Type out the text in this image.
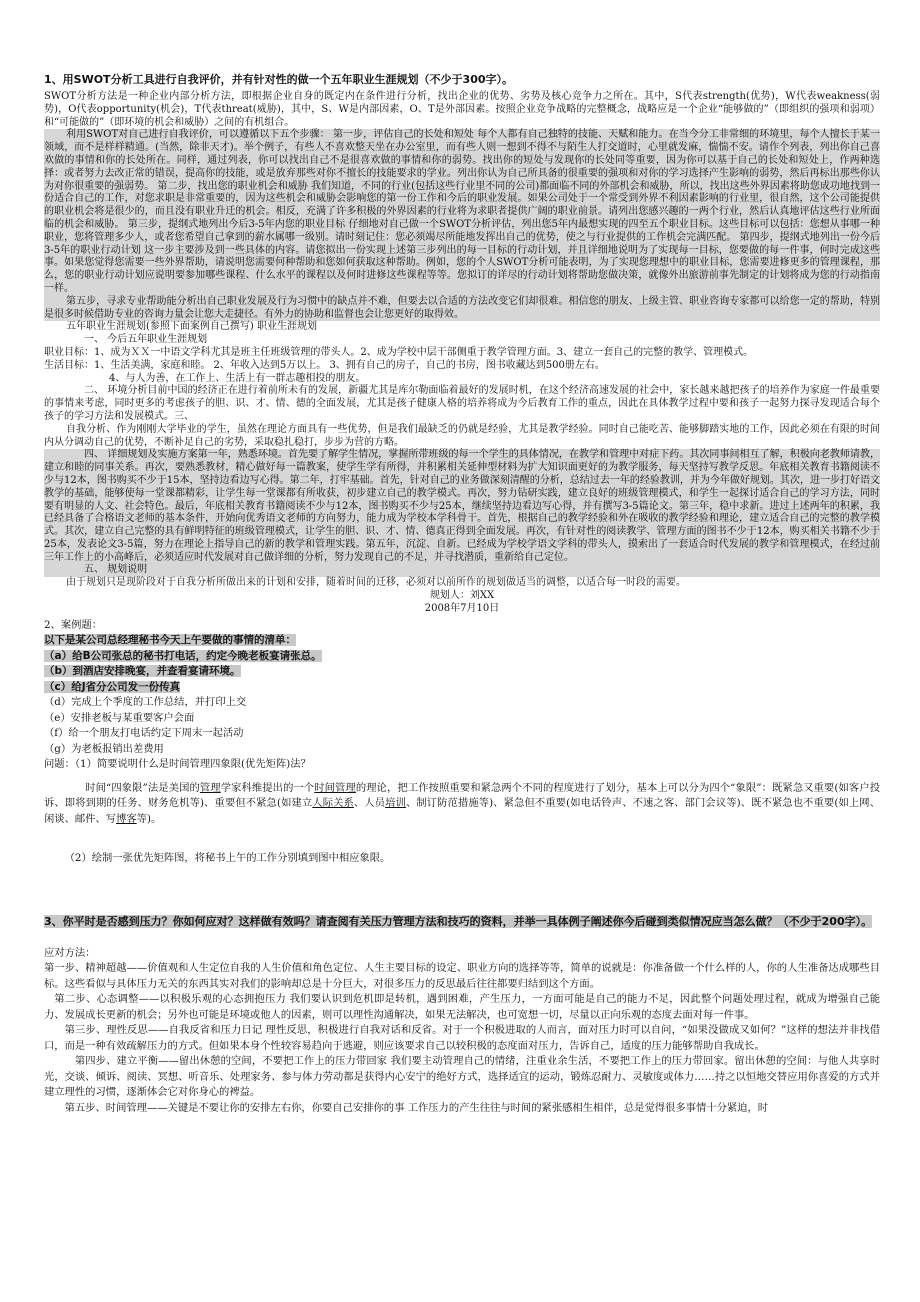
1、用SWOT分析工具进行自我评价，并有针对性的做一个五年职业生涯规划（不少于300字）。

SWOT分析方法是一种企业内部分析方法，即根据企业自身的既定内在条件进行分析，找出企业的优势、劣势及核心竞争力之所在。其中，S代表strength(优势)，W代表weakness(弱势)，O代表opportunity(机会)，T代表threat(威胁)，其中，S、W是内部因素，O、T是外部因素。按照企业竞争战略的完整概念，战略应是一个企业“能够做的”（即组织的强项和弱项）和“可能做的”（即环境的机会和威胁）之间的有机组合。

利用SWOT对自己进行自我评价，可以遵循以下五个步骤： 第一步，评估自己的长处和短处 每个人都有自己独特的技能、天赋和能力。在当今分工非常细的环境里，每个人擅长于某一领域，而不是样样精通。(当然，除非天才)。举个例子，有些人不喜欢整天坐在办公室里，而有些人则一想到不得不与陌生人打交道时，心里就发麻，惴惴不安。请作个列表，列出你自己喜欢做的事情和你的长处所在。同样，通过列表，你可以找出自己不是很喜欢做的事情和你的弱势。找出你的短处与发现你的长处同等重要，因为你可以基于自己的长处和短处上，作两种选择：或者努力去改正常的错误，提高你的技能，或是放弃那些对你不擅长的技能要求的学业。列出你认为自己所具备的很重要的强项和对你的学习选择产生影响的弱势，然后再标出那些你认为对你很重要的强弱势。 第二步，找出您的职业机会和威胁 我们知道，不同的行业(包括这些行业里不同的公司)都面临不同的外部机会和威胁，所以，找出这些外界因素将助您成功地找到一份适合自己的工作，对您求职是非常重要的，因为这些机会和威胁会影响您的第一份工作和今后的职业发展。如果公司处于一个常受到外界不利因素影响的行业里，很自然，这个公司能提供的职业机会将是很少的，而且没有职业升迁的机会。相反，充满了许多积极的外界因素的行业将为求职者提供广阔的职业前景。请列出您感兴趣的一两个行业，然后认真地评估这些行业所面临的机会和威胁。 第三步，提纲式地列出今后3-5年内您的职业目标 仔细地对自己做一个SWOT分析评估，列出您5年内最想实现的四至五个职业目标。这些目标可以包括：您想从事哪一种职业，您将管理多少人，或者您希望自己拿到的薪水属哪一级别。请时刻记住：您必须竭尽所能地发挥出自己的优势，使之与行业提供的工作机会完满匹配。 第四步，提纲式地列出一份今后3-5年的职业行动计划 这一步主要涉及到一些具体的内容。请您拟出一份实现上述第三步列出的每一目标的行动计划，并且详细地说明为了实现每一目标，您要做的每一件事，何时完成这些事。如果您觉得您需要一些外界帮助，请说明您需要何种帮助和您如何获取这种帮助。例如，您的个人SWOT分析可能表明，为了实现您理想中的职业目标，您需要进修更多的管理课程，那么，您的职业行动计划应说明要参加哪些课程、什么水平的课程以及何时进修这些课程等等。您拟订的详尽的行动计划将帮助您做决策，就像外出旅游前事先制定的计划将成为您的行动指南一样。

第五步，寻求专业帮助能分析出自己职业发展及行为习惯中的缺点并不难，但要去以合适的方法改变它们却很难。相信您的朋友、上级主管、职业咨询专家都可以给您一定的帮助，特别是很多时候借助专业的咨询力量会让您大走捷径。有外力的协助和监督也会让您更好的取得效。

五年职业生涯规划(参照下面案例自己撰写) 职业生涯规划

一、 今后五年职业生涯规划

职业目标：1、成为ＸＸ一中语文学科尤其是班主任班级管理的带头人。2、成为学校中层干部侧重于教学管理方面。3、建立一套自己的完整的教学、管理模式。

生活目标：1、生活美满，家庭和睦。 2、年收入达到5万以上。 3、拥有自己的房子，自己的书房，图书收藏达到500册左右。

4、与人为善，在工作上、生活上有一群志趣相投的朋友。

二、 环境分析目前中国的经济正在进行着前所未有的发展，新疆尤其是库尔勒面临着最好的发展时机，在这个经济高速发展的社会中，家长越来越把孩子的培养作为家庭一件最重要的事情来考虑，同时更多的考虑孩子的胆、识、才、情、德的全面发展，尤其是孩子健康人格的培养将成为今后教育工作的重点，因此在具体教学过程中要和孩子一起努力探寻发现适合每个孩子的学习方法和发展模式。三、

自我分析、作为刚刚大学毕业的学生，虽然在理论方面具有一些优势，但是我们最缺乏的仍就是经验，尤其是教学经验。同时自己能吃苦、能够脚踏实地的工作，因此必须在有限的时间内从分调动自己的优势，不断补足自己的劣势，采取稳扎稳打，步步为营的方略。

四、 详细规划及实施方案第一年，熟悉环境。首先要了解学生情况，掌握所带班级的每一个学生的具体情况，在教学和管理中对症下药。其次同事间相互了解，积极向老教师请教，建立和睦的同事关系。再次，要熟悉教材，精心做好每一篇教案，使学生学有所得，并积累相关延伸型材料为扩大知识面更好的为教学服务，每天坚持写教学反思。年底相关教育书籍阅读不少与12本，图书购买不少于15本，坚持边看边写心得。第二年，打牢基础。首先，针对自己的业务做深刻清醒的分析，总结过去一年的经验教训，并为今年做好规划。其次，进一步打好语文教学的基础，能够使每一堂课都精彩，让学生每一堂课都有所收获，初步建立自己的教学模式。再次，努力钻研实践，建立良好的班级管理模式，和学生一起探讨适合自己的学习方法，同时要有明显的人文、社会特色。最后，年底相关教育书籍阅读不少与12本，图书购买不少与25本，继续坚持边看边写心得，并有撰写3-5篇论文。第三年，稳中求新。进过上述两年的积累，我已经具备了合格语文老师的基本条件，开始向优秀语文老师的方向努力，能力成为学校本学科骨干。首先，根据自己的教学经验和外在吸收的教学经验和理论，建立适合自己的完整的教学模式。其次，建立自己完整的具有鲜明特征的班级管理模式，让学生的胆、识、才、情、德真正得到全面发展。再次，有针对性的阅读教学、管理方面的图书不少于12本，购买相关书籍不少于25本，发表论文3-5篇，努力在理论上指导自己的新的教学和管理实践。第五年，沉淀、自新。已经成为学校学语文学科的带头人，摸索出了一套适合时代发展的教学和管理模式，在经过前三年工作上的小高峰后，必须适应时代发展对自己做详细的分析，努力发现自己的不足，并寻找潜质，重新给自己定位。

五、 规划说明

由于规划只是现阶段对于自我分析所做出来的计划和安排，随着时间的迁移，必须对以前所作的规划做适当的调整，以适合每一时段的需要。

规划人：刘XX

2008年7月10日

2、案例题：

以下是某公司总经理秘书今天上午要做的事情的清单：

（a）给B公司张总的秘书打电话，约定今晚老板宴请张总。

（b）到酒店安排晚宴，并查看宴请环境。

（c）给J省分公司发一份传真

（d）完成上个季度的工作总结，并打印上交

（e）安排老板与某重要客户会面

（f）给一个朋友打电话约定下周末一起活动

（g）为老板报销出差费用

问题：（1）简要说明什么是时间管理四象限(优先矩阵)法？

时间“四象限”法是美国的管理学家科维提出的一个时间管理的理论，把工作按照重要和紧急两个不同的程度进行了划分，基本上可以分为四个“象限”：既紧急又重要(如客户投诉、即将到期的任务、财务危机等)、重要但不紧急(如建立人际关系、人员培训、制订防范措施等)、紧急但不重要(如电话铃声、不速之客、部门会议等)、既不紧急也不重要(如上网、闲谈、邮件、写博客等)。

（2）绘制一张优先矩阵图，将秘书上午的工作分别填到图中相应象限。

3、你平时是否感到压力？你如何应对？这样做有效吗？请查阅有关压力管理方法和技巧的资料，并举一具体例子阐述你今后碰到类似情况应当怎么做？（不少于200字）。

应对方法：

第一步、精神超越——价值观和人生定位自我的人生价值和角色定位、人生主要目标的设定、职业方向的选择等等，简单的说就是：你准备做一个什么样的人，你的人生准备达成哪些目标。这些看似与具体压力无关的东西其实对我们的影响却总是十分巨大，对很多压力的反思最后往往都要归结到这个方面。

第二步、心态调整——以积极乐观的心态拥抱压力 我们要认识到危机即是转机，遇到困难，产生压力，一方面可能是自己的能力不足，因此整个问题处理过程，就成为增强自己能力、发展成长更新的机会；另外也可能是环境或他人的因素，则可以理性沟通解决，如果无法解决，也可宽想一切，尽量以正向乐观的态度去面对每一件事。

第三步、理性反思——自我反省和压力日记 理性反思，积极进行自我对话和反省。对于一个积极进取的人而言，面对压力时可以自问，“如果没做成又如何？”这样的想法并非找借口，而是一种有效疏解压力的方式。但如果本身个性较容易趋向于逃避，则应该要求自己以较积极的态度面对压力，告诉自己，适度的压力能够帮助自我成长。

第四步、建立平衡——留出休憩的空间，不要把工作上的压力带回家 我们要主动管理自己的情绪，注重业余生活，不要把工作上的压力带回家。留出休憩的空间：与他人共享时光，交谈、倾诉、阅读、冥想、听音乐、处理家务、参与体力劳动都是获得内心安宁的绝好方式，选择适宜的运动，锻炼忍耐力、灵敏度或体力……持之以恒地交替应用你喜爱的方式并建立理性的习惯，逐渐体会它对你身心的裨益。

第五步、时间管理——关键是不要让你的安排左右你，你要自己安排你的事 工作压力的产生往往与时间的紧张感相生相伴，总是觉得很多事情十分紧迫，时
